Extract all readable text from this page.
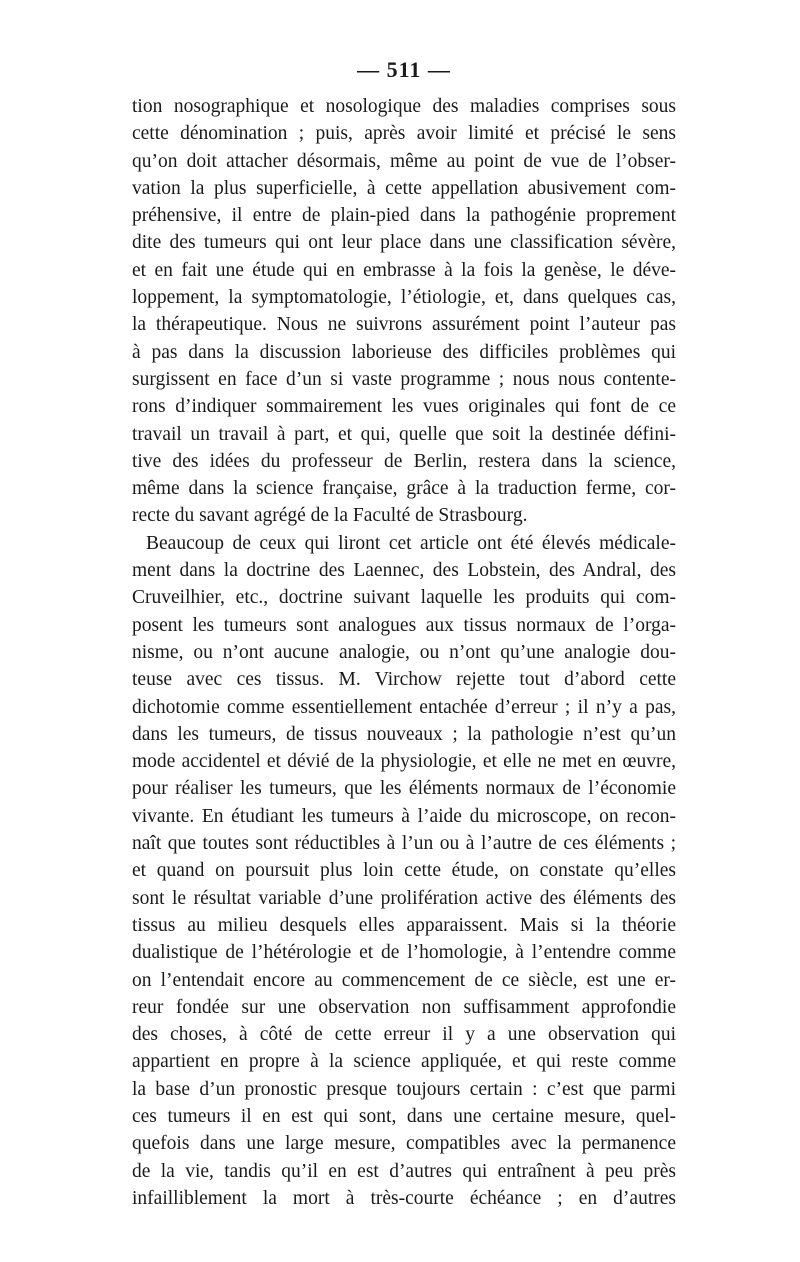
— 511 —
tion nosographique et nosologique des maladies comprises sous
cette dénomination ; puis, après avoir limité et précisé le sens
qu’on doit attacher désormais, même au point de vue de l’obser-
vation la plus superficielle, à cette appellation abusivement com-
préhensive, il entre de plain-pied dans la pathogénie proprement
dite des tumeurs qui ont leur place dans une classification sévère,
et en fait une étude qui en embrasse à la fois la genèse, le déve-
loppement, la symptomatologie, l’étiologie, et, dans quelques cas,
la thérapeutique. Nous ne suivrons assurément point l’auteur pas
à pas dans la discussion laborieuse des difficiles problèmes qui
surgissent en face d’un si vaste programme ; nous nous contente-
rons d’indiquer sommairement les vues originales qui font de ce
travail un travail à part, et qui, quelle que soit la destinée défini-
tive des idées du professeur de Berlin, restera dans la science,
même dans la science française, grâce à la traduction ferme, cor-
recte du savant agrégé de la Faculté de Strasbourg.
Beaucoup de ceux qui liront cet article ont été élevés médicale-
ment dans la doctrine des Laennec, des Lobstein, des Andral, des
Cruveilhier, etc., doctrine suivant laquelle les produits qui com-
posent les tumeurs sont analogues aux tissus normaux de l’orga-
nisme, ou n’ont aucune analogie, ou n’ont qu’une analogie dou-
teuse avec ces tissus. M. Virchow rejette tout d’abord cette
dichotomie comme essentiellement entachée d’erreur ; il n’y a pas,
dans les tumeurs, de tissus nouveaux ; la pathologie n’est qu’un
mode accidentel et dévié de la physiologie, et elle ne met en œuvre,
pour réaliser les tumeurs, que les éléments normaux de l’économie
vivante. En étudiant les tumeurs à l’aide du microscope, on recon-
naît que toutes sont réductibles à l’un ou à l’autre de ces éléments ;
et quand on poursuit plus loin cette étude, on constate qu’elles
sont le résultat variable d’une prolifération active des éléments des
tissus au milieu desquels elles apparaissent. Mais si la théorie
dualistique de l’hétérologie et de l’homologie, à l’entendre comme
on l’entendait encore au commencement de ce siècle, est une er-
reur fondée sur une observation non suffisamment approfondie
des choses, à côté de cette erreur il y a une observation qui
appartient en propre à la science appliquée, et qui reste comme
la base d’un pronostic presque toujours certain : c’est que parmi
ces tumeurs il en est qui sont, dans une certaine mesure, quel-
quefois dans une large mesure, compatibles avec la permanence
de la vie, tandis qu’il en est d’autres qui entraînent à peu près
infailliblement la mort à très-courte échéance ; en d’autres
